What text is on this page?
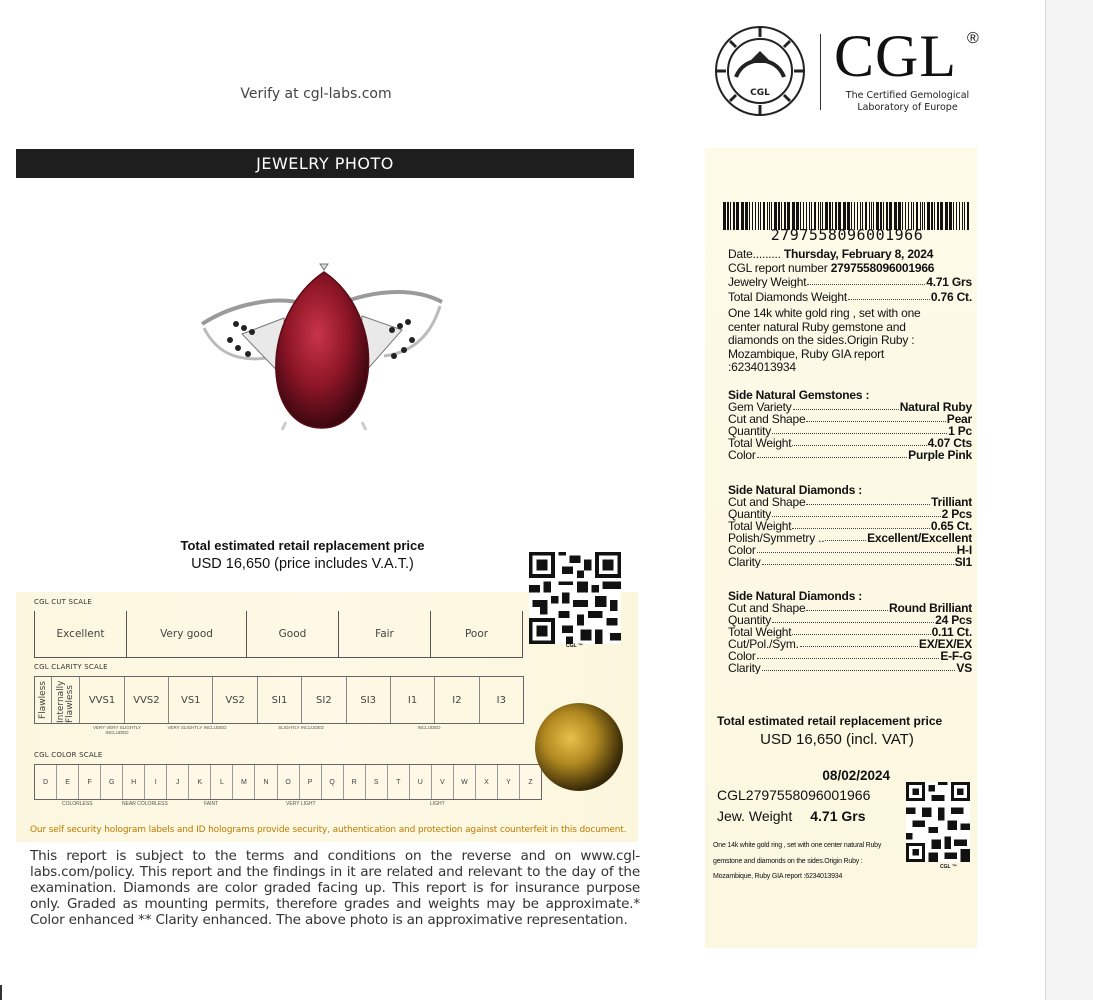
Verify at cgl-labs.com
JEWELRY PHOTO
Total estimated retail replacement price
USD 16,650 (price includes V.A.T.)
CGL CUT SCALE
Excellent	Very good	Good	Fair	Poor
CGL CLARITY SCALE
Flawless Internally Flawless	VVS1	VVS2	VS1	VS2	SI1	SI2	SI3	I1	I2	I3
VERY VERY SLIGHTLY INCLUDED
VERY SLIGHTLY INCLUDED	SLIGHTLY INCLUDED	INCLUDED
CGL COLOR SCALE
D	E	F	G	H	I	J	K	L	M	N	O	P	Q	R	S	T	U	V	W	X	Y	Z
COLORLESS	NEAR COLORLESS	FAINT	VERY LIGHT	LIGHT
CGL ™
Our self security hologram labels and ID holograms provide security, authentication and protection against counterfeit in this document.
This report is subject to the terms and conditions on the reverse and on www.cgl-labs.com/policy. This report and the findings in it are related and relevant to the day of the examination. Diamonds are color graded facing up. This report is for insurance purpose only. Graded as mounting permits, therefore grades and weights may be approximate.* Color enhanced ** Clarity enhanced. The above photo is an approximative representation.
CGL
CGL ®
The Certified Gemological
Laboratory of Europe
2797558096001966
Date......... Thursday, February 8, 2024
CGL report number 2797558096001966
Jewelry Weight	4.71 Grs
Total Diamonds Weight	0.76 Ct.
One 14k white gold ring , set with one
center natural Ruby gemstone and
diamonds on the sides.Origin Ruby :
Mozambique, Ruby GIA report
:6234013934
Side Natural Gemstones :
Gem Variety	Natural Ruby
Cut and Shape	Pear
Quantity	1 Pc
Total Weight	4.07 Cts
Color	Purple Pink
Side Natural Diamonds :
Cut and Shape	Trilliant
Quantity	2 Pcs
Total Weight	0.65 Ct.
Polish/Symmetry ..	Excellent/Excellent
Color	H-I
Clarity	SI1
Side Natural Diamonds :
Cut and Shape	Round Brilliant
Quantity	24 Pcs
Total Weight	0.11 Ct.
Cut/Pol./Sym.	EX/EX/EX
Color	E-F-G
Clarity	VS
Total estimated retail replacement price
USD 16,650 (incl. VAT)
08/02/2024
CGL2797558096001966
Jew. Weight 4.71 Grs
One 14k white gold ring , set with one center natural Ruby gemstone and diamonds on the sides.Origin Ruby : Mozambique, Ruby GIA report :6234013934
CGL ™
